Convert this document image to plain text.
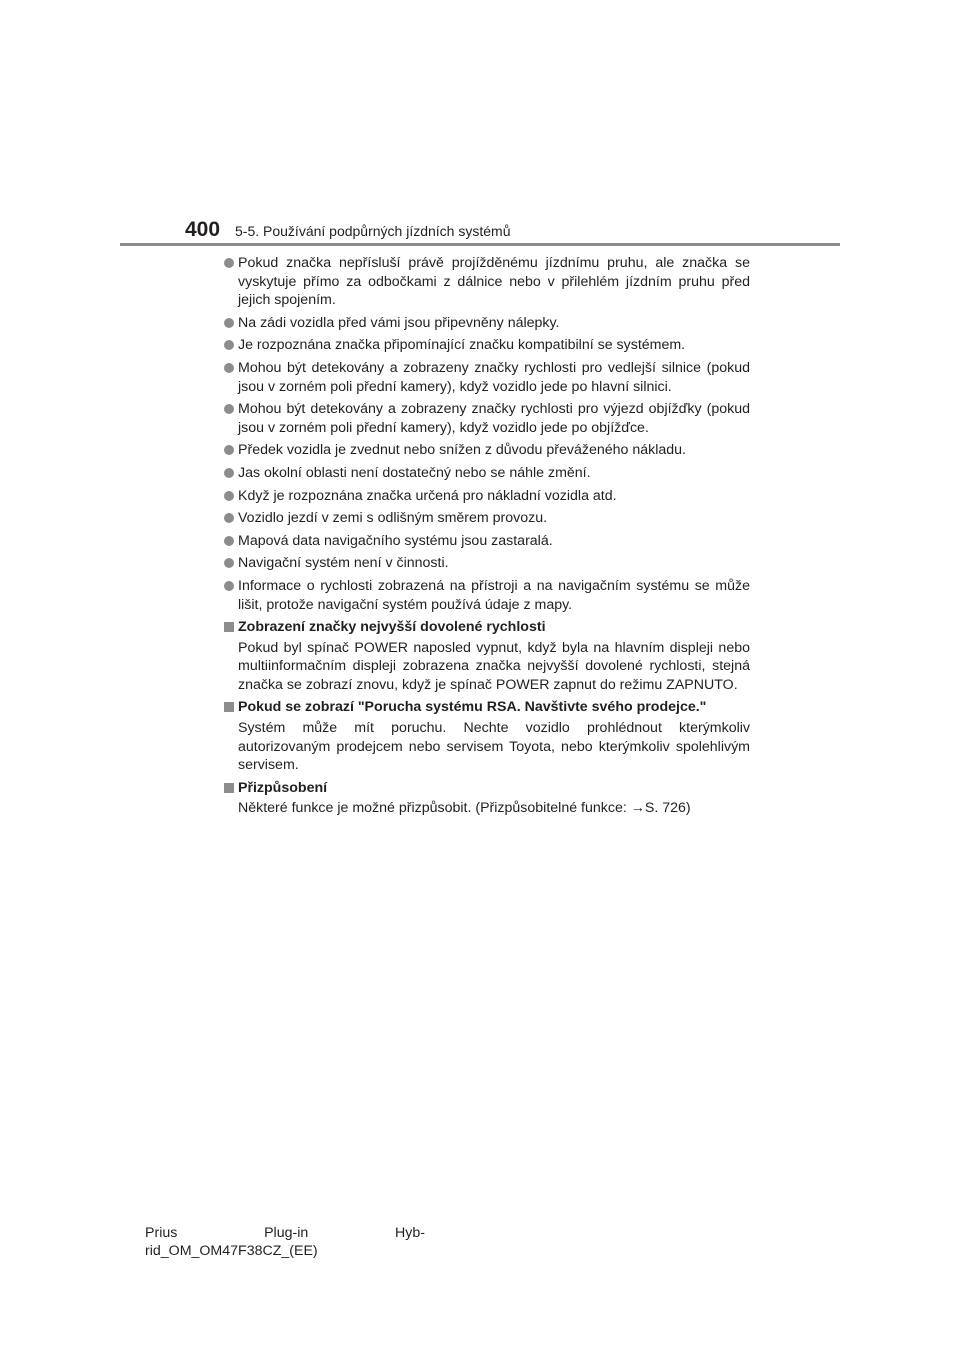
400	5-5. Používání podpůrných jízdních systémů
Pokud značka nepřísluší právě projížděnému jízdnímu pruhu, ale značka se vyskytuje přímo za odbočkami z dálnice nebo v přilehlém jízdním pruhu před jejich spojením.
Na zádi vozidla před vámi jsou připevněny nálepky.
Je rozpoznána značka připomínající značku kompatibilní se systémem.
Mohou být detekovány a zobrazeny značky rychlosti pro vedlejší silnice (pokud jsou v zorném poli přední kamery), když vozidlo jede po hlavní silnici.
Mohou být detekovány a zobrazeny značky rychlosti pro výjezd objížďky (pokud jsou v zorném poli přední kamery), když vozidlo jede po objížďce.
Předek vozidla je zvednut nebo snížen z důvodu převáženého nákladu.
Jas okolní oblasti není dostatečný nebo se náhle změní.
Když je rozpoznána značka určená pro nákladní vozidla atd.
Vozidlo jezdí v zemi s odlišným směrem provozu.
Mapová data navigačního systému jsou zastaralá.
Navigační systém není v činnosti.
Informace o rychlosti zobrazená na přístroji a na navigačním systému se může lišit, protože navigační systém používá údaje z mapy.
Zobrazení značky nejvyšší dovolené rychlosti
Pokud byl spínač POWER naposled vypnut, když byla na hlavním displeji nebo multiinformačním displeji zobrazena značka nejvyšší dovolené rychlosti, stejná značka se zobrazí znovu, když je spínač POWER zapnut do režimu ZAPNUTO.
Pokud se zobrazí "Porucha systému RSA. Navštivte svého prodejce."
Systém může mít poruchu. Nechte vozidlo prohlédnout kterýmkoliv autorizovaným prodejcem nebo servisem Toyota, nebo kterýmkoliv spolehlivým servisem.
Přizpůsobení
Některé funkce je možné přizpůsobit. (Přizpůsobitelné funkce: →S. 726)
Prius	Plug-in	Hyb-
rid_OM_OM47F38CZ_(EE)
